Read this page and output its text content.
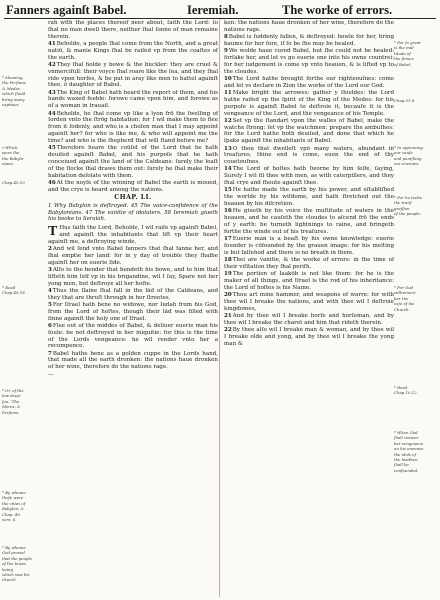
Fanners againſt Babel.	Ieremiah.	The worke of errors.
* Meaning,
the Perſians
& Medes
which ſhuld
bring many
captiues
† Which
were the
the Babylo-
nians.
Chap.49.10
* Read
Chap.49.18
* Or, of the
low deep-
ſea. ‘The
Meres, &
Perſians.
* By whome
thoſe were
the cities of
Babylon, &
Chap. 49.
vers. 6.
* By whome
God proved
that the people
of the Iewes
being
which was his
church.
rah with the places thereof neer about, ſaith the Lord: ſo ſhal no man dwell there, neither ſhal ſonne of man remaine therein.
41Beholde, a people ſhal come from the North, and a great natiō, & manie Kings ſhal be raiſed vp from the coaſtes of the earth.
42They ſhal holde y bowe & the buckler: they are cruel & vnmercifull: their voyce ſhal roare like the ſea, and they ſhal ride vpon horſes, & be put in aray like men to battel againſt thee, ô daughter of Babel.
43The King of Babel hath heard the report of them, and his hands waxed feeble: ſorowe came vpon him, and ſorowe as of a woman in trauail.
44Beholde, he ſhal come vp like a lyon frō the ſwelling of Iorden vnto the ſtrōg habitation: for I wil make them to flee from it ſodenly, and who is a choſen man that I may appoint againſt her? for who is like me, & who will appoint me the time? and who is the ſhepherd that will ſtand before me?
45Therefore heare the coūſel of the Lord that he hath deuiſed againſt Babel, and his purpoſe that he hath conceiued againſt the land of the Caldeans: ſurely the leaſt of the flocke ſhal drawe them out: ſurely he ſhal make their habitation deſolate with them.
46At the noyſe of the winning of Babel the earth is moued, and the crye is heard among the nations.
CHAP. LI.
1 Why Babylon is deſtroyed. 45 The voice-conſidence of the Babylonians. 47 The vanitie of idolaters. 58 Ieremiah giueth his booke to Seraiah.
T Hus ſaith the Lord, Beholde, I wil raiſe vp againſt Babel, and againſt the inhabitants that lift vp their heart againſt me, a deſtroying winde,
2And wil ſend vnto Babel fanners that ſhal fanne her, and ſhal emptie her land: for in y day of trouble they ſhalbe againſt her on euerie ſide.
3Alſo to the bender that bendeth his bowe, and to him that lifteth him ſelf vp in his brigandine, wil I ſay, Spare not her yong men, but deſtroye all her hoſte.
4Thus the ſlaine ſhal fall in the lād of the Caldeans, and they that are thruſt through in her ſtreetes.
5For Iſrael hath bene no widowe, nor Iudah from his God, from the Lord of hoſtes, though their lād was filled with ſinne againſt the holy one of Iſrael.
6Flee out of the middes of Babel, & deliuer euerie man his ſoule: be not deſtroyed in her iniquitie: for this is the time of the Lords vengeance: he wil render vnto her a recompence.
7Babel hathe bene as a golden cuppe in the Lords hand, that made all the earth dronken: the nations haue dronken of her wine, therefore do the nations rage.
—
ken: the nations haue dronken of her wine, therefore do the nations rage.
8Babel is ſuddenly fallen, & deſtroyed: howle for her, bring baume for her ſore, if ſo be ſhe may be healed.
9We wolde haue cured Babel, but ſhe could not be healed: forſake her, and let vs go euerie one into his owne countrei: for her iudgement is come vp vnto heauen, & is lifted vp to the cloudes.
10The Lord hathe brought forthe our righteouſnes: come and let vs declare in Zion the worke of the Lord our God.
11Make bright the arrowes: gather y ſhieldes: the Lord hathe raiſed vp the ſpirit of the King of the Medes: for his purpoſe is againſt Babel to deſtroie it, becauſe it is the vengeance of the Lord, and the vengeance of his Temple.
12Set vp the ſtandart vpon the walles of Babel, make the watche ſtrong: ſet vp the watchmen: prepare the ambuſhes: for the Lord hathe both deuiſed, and done that which he ſpake againſt the inhabitants of Babel.
13O thou that dwelleſt vpō many waters, abundant in treaſures, thine end is come, euen the end of thy couetouſnes.
14The Lord of hoſtes hath ſworne by him ſelfe, ſaying, Surely I wil fil thee with men, as with caterpillers, and they ſhal crye and ſhoute againſt thee.
15He hathe made the earth by his power, and eſtabliſhed the worlde by his wiſdome, and hath ſtretched out the heauen by his diſcretion.
16He giueth by his voice the multitude of waters in the heauen, and he cauſeth the cloudes to aſcend frō the ends of y earth: he turneth lightnings to raine, and bringeth forthe the winde out of his treaſures.
17Euerie man is a beaſt by his owne knowledge: euerie founder is cōfounded by the grauen image: for his melting is but falſehod and there is no breath in them.
18Thei are vanitie, & the worke of errors: in the time of their viſitation they ſhal periſh.
19The portion of Iaakōb is not like them: for he is the maker of all things, and Iſrael is the rod of his inheritance: the Lord of hoſtes is his Name.
20Thou art mine hammer, and weapons of warre: for with thee wil I breake the nations, and with thee wil I deſtroie kingdomes,
21And by thee wil I breake horſe and horſeman, and by thee wil I breake the charet and him that rideth therein.
22By thee alſo wil I breake man & woman, and by thee wil I breake olde and yong, and by thee wil I breake the yong man &
* For ſo great
is the mul-
titude of
the ſinnes
of Babel.
Chap.51.8
* In approuing
our cauſe
and puniſhing
our enemies.
* For he tooke
the tranſ-
greſſion
of the people.
* For God
willremem-
ber the
caſe of his
Church.
* Read
Chap.10.12
* When God
ſhall remem-
ber vengeance
on his enemies
the idols of
the heathen
ſhall be
confounded.
